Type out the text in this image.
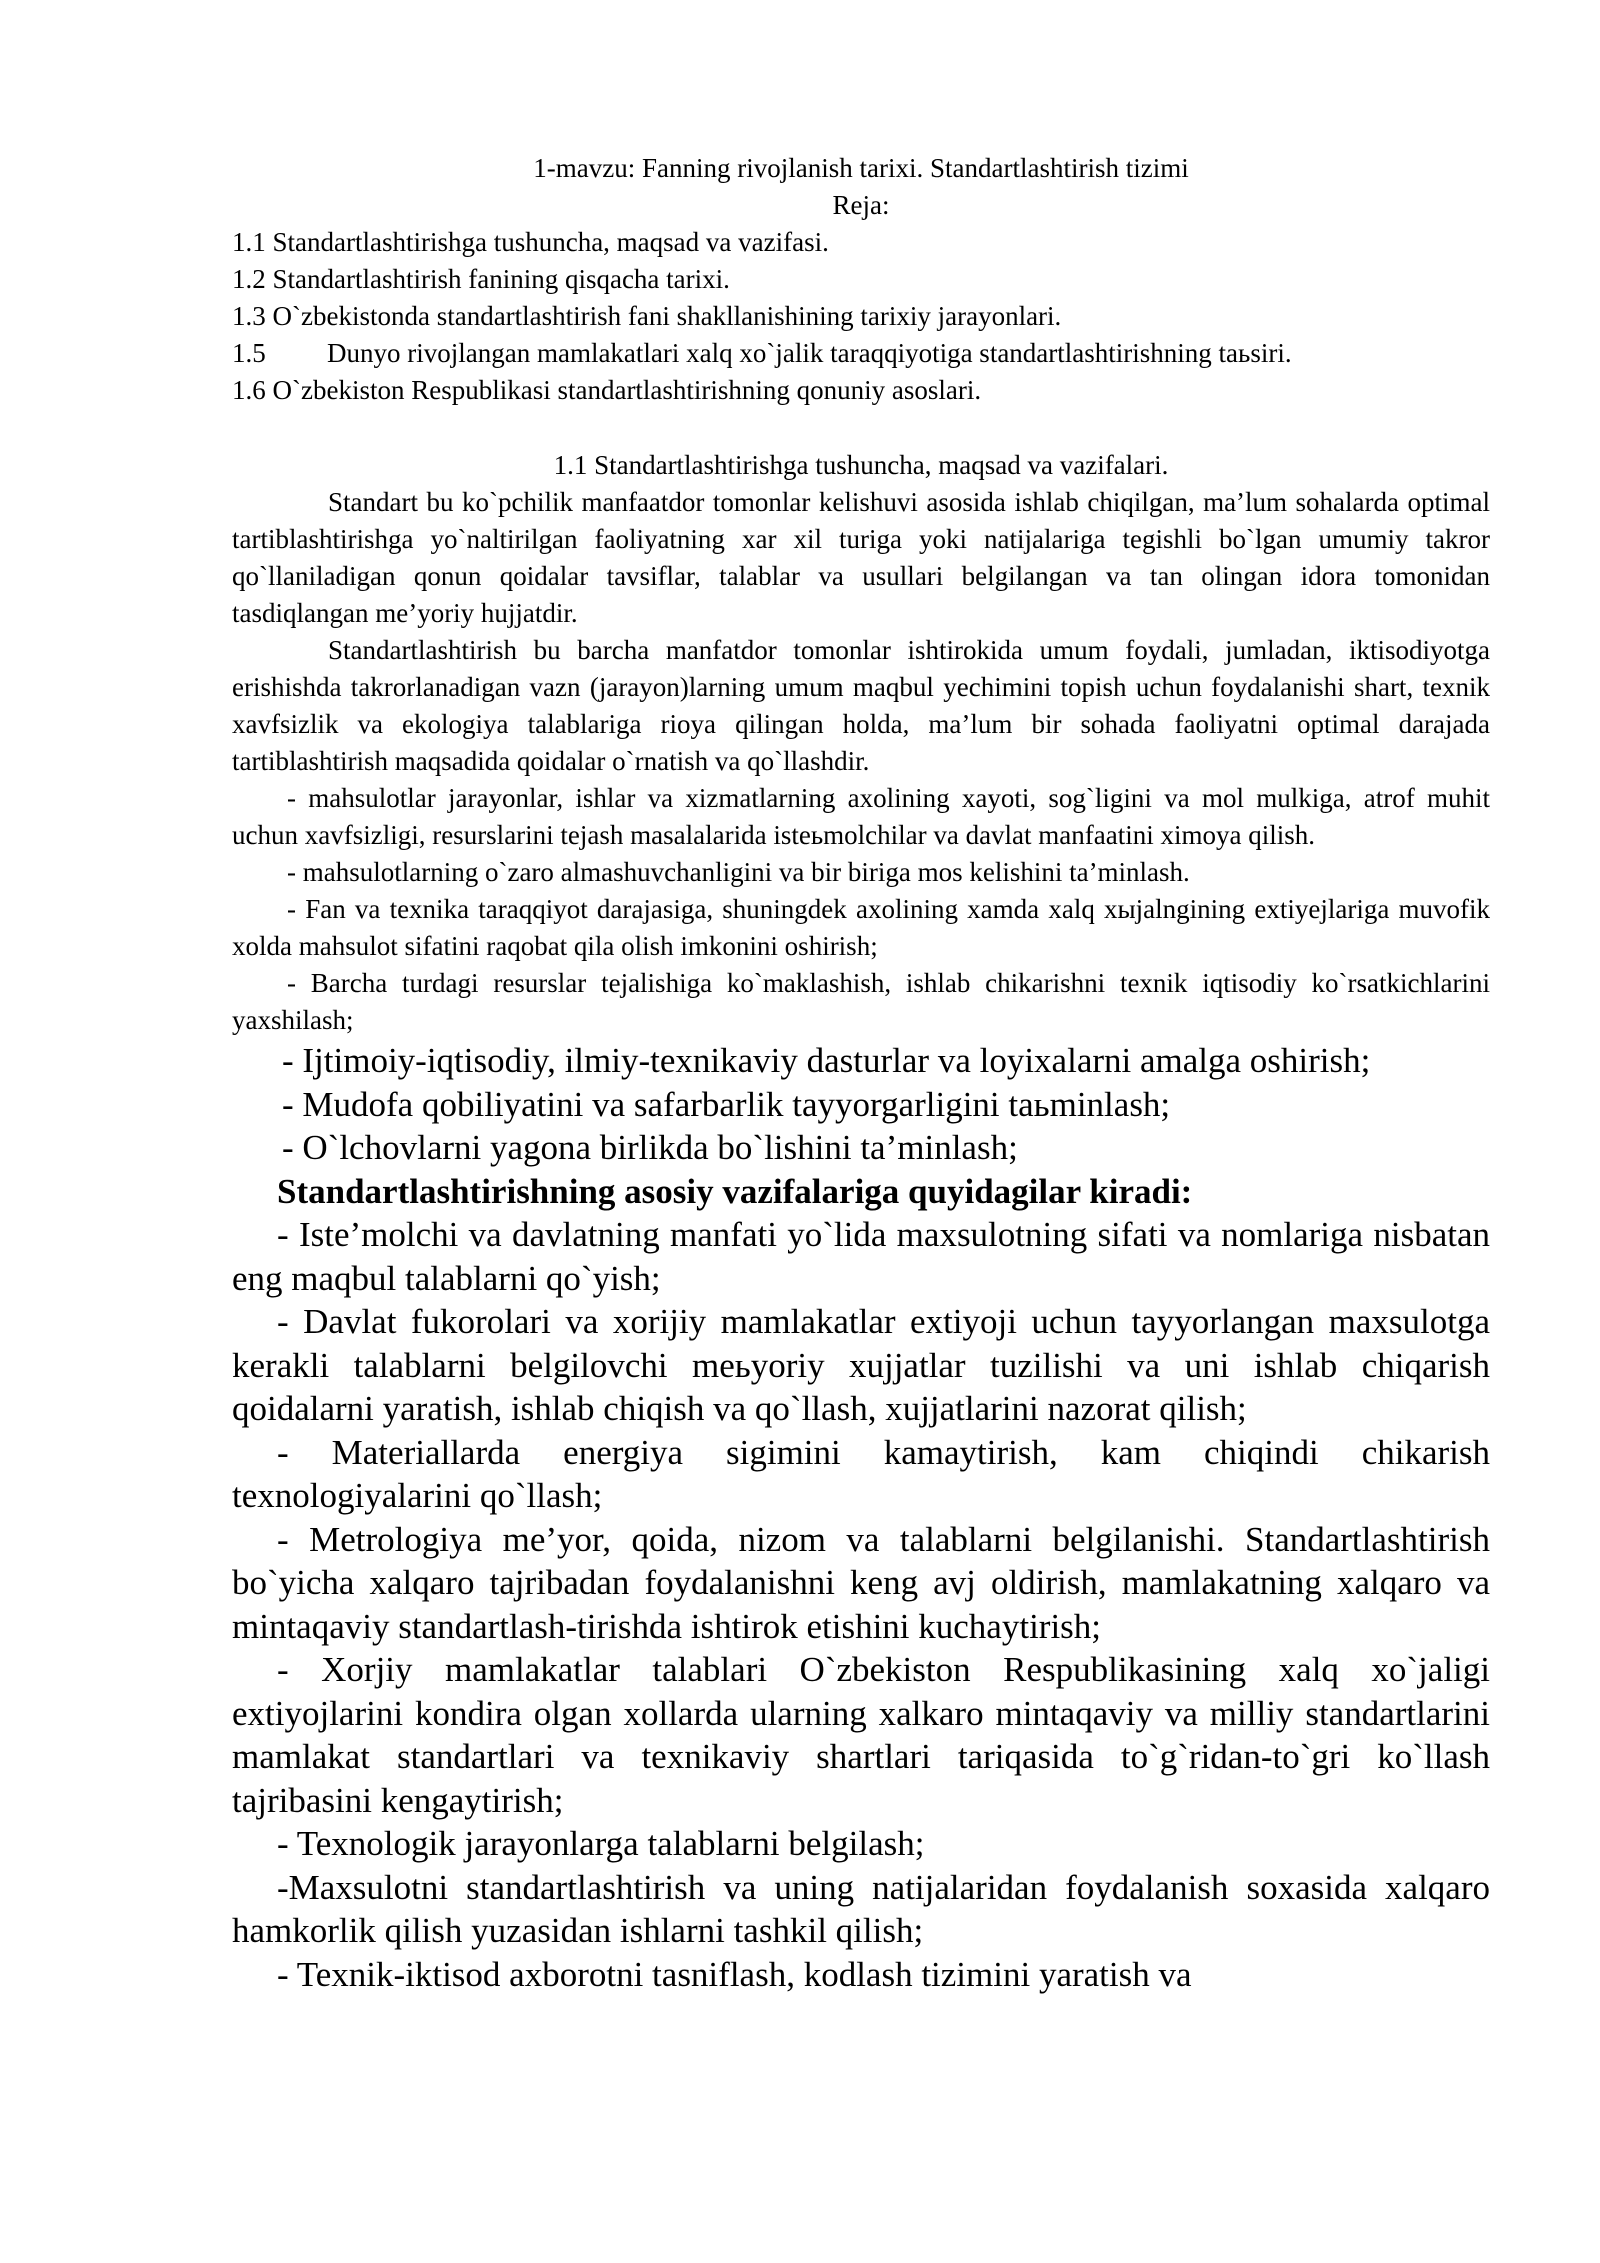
1-mavzu: Fanning rivojlanish tarixi. Standartlashtirish tizimi

Reja:

1.1 Standartlashtirishga tushuncha, maqsad va vazifasi.

1.2 Standartlashtirish fanining qisqacha tarixi.

1.3 O`zbekistonda standartlashtirish fani shakllanishining tarixiy jarayonlari.

1.5 Dunyo rivojlangan mamlakatlari xalq xo`jalik taraqqiyotiga standartlashtirishning taьsiri.

1.6 O`zbekiston Respublikasi standartlashtirishning qonuniy asoslari.

1.1 Standartlashtirishga tushuncha, maqsad va vazifalari.

Standart bu ko`pchilik manfaatdor tomonlar kelishuvi asosida ishlab chiqilgan, ma’lum sohalarda optimal tartiblashtirishga yo`naltirilgan faoliyatning xar xil turiga yoki natijalariga tegishli bo`lgan umumiy takror qo`llaniladigan qonun qoidalar tavsiflar, talablar va usullari belgilangan va tan olingan idora tomonidan tasdiqlangan me’yoriy hujjatdir.

Standartlashtirish bu barcha manfatdor tomonlar ishtirokida umum foydali, jumladan, iktisodiyotga erishishda takrorlanadigan vazn (jarayon)larning umum maqbul yechimini topish uchun foydalanishi shart, texnik xavfsizlik va ekologiya talablariga rioya qilingan holda, ma’lum bir sohada faoliyatni optimal darajada tartiblashtirish maqsadida qoidalar o`rnatish va qo`llashdir.

- mahsulotlar jarayonlar, ishlar va xizmatlarning axolining xayoti, sog`ligini va mol mulkiga, atrof muhit uchun xavfsizligi, resurslarini tejash masalalarida isteьmolchilar va davlat manfaatini ximoya qilish.

- mahsulotlarning o`zaro almashuvchanligini va bir biriga mos kelishini ta’minlash.

- Fan va texnika taraqqiyot darajasiga, shuningdek axolining xamda xalq xыjalngining extiyejlariga muvofik xolda mahsulot sifatini raqobat qila olish imkonini oshirish;

- Barcha turdagi resurslar tejalishiga ko`maklashish, ishlab chikarishni texnik iqtisodiy ko`rsatkichlarini yaxshilash;

- Ijtimoiy-iqtisodiy, ilmiy-texnikaviy dasturlar va loyixalarni amalga oshirish;

- Mudofa qobiliyatini va safarbarlik tayyorgarligini taьminlash;

- O`lchovlarni yagona birlikda bo`lishini ta’minlash;

Standartlashtirishning asosiy vazifalariga quyidagilar kiradi:

- Iste’molchi va davlatning manfati yo`lida maxsulotning sifati va nomlariga nisbatan eng maqbul talablarni qo`yish;

- Davlat fukorolari va xorijiy mamlakatlar extiyoji uchun tayyorlangan maxsulotga kerakli talablarni belgilovchi meьyoriy xujjatlar tuzilishi va uni ishlab chiqarish qoidalarni yaratish, ishlab chiqish va qo`llash, xujjatlarini nazorat qilish;

- Materiallarda energiya sigimini kamaytirish, kam chiqindi chikarish texnologiyalarini qo`llash;

- Metrologiya me’yor, qoida, nizom va talablarni belgilanishi. Standartlashtirish bo`yicha xalqaro tajribadan foydalanishni keng avj oldirish, mamlakatning xalqaro va mintaqaviy standartlash-tirishda ishtirok etishini kuchaytirish;

- Xorjiy mamlakatlar talablari O`zbekiston Respublikasining xalq xo`jaligi extiyojlarini kondira olgan xollarda ularning xalkaro mintaqaviy va milliy standartlarini mamlakat standartlari va texnikaviy shartlari tariqasida to`g`ridan-to`gri ko`llash tajribasini kengaytirish;

- Texnologik jarayonlarga talablarni belgilash;

-Maxsulotni standartlashtirish va uning natijalaridan foydalanish soxasida xalqaro hamkorlik qilish yuzasidan ishlarni tashkil qilish;

- Texnik-iktisod axborotni tasniflash, kodlash tizimini yaratish va
